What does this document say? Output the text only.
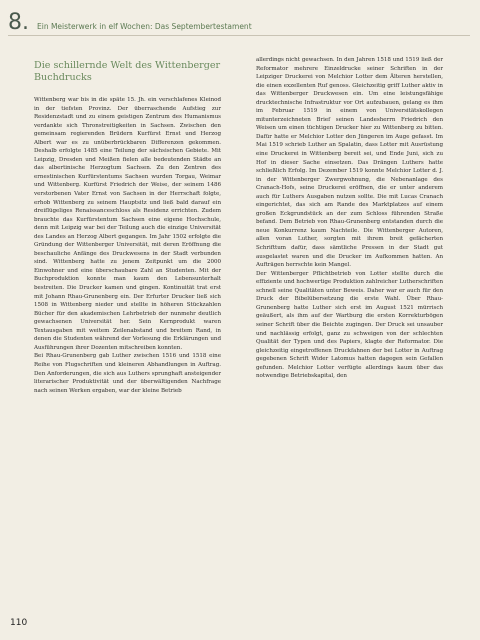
8. Ein Meisterwerk in elf Wochen: Das Septembertestament
Die schillernde Welt des Wittenberger
Buchdrucks

Wittenberg war bis in die späte 15. Jh. ein verschlafenes Kleinod in der tiefsten Provinz. Der überraschende Aufstieg zur Residenzstadt und zu einem geistigen Zentrum des Humanismus verdankte sich Thronstreitigkeiten in Sachsen. Zwischen den gemeinsam regierenden Brüdern Kurfürst Ernst und Herzog Albert war es zu unüberbrückbaren Differenzen gekommen. Deshalb erfolgte 1485 eine Teilung der sächsischen Gebiete. Mit Leipzig, Dresden und Meißen fielen alle bedeutenden Städte an das albertinische Herzogtum Sachsen. Zu den Zentren des ernestinischen Kurfürstentums Sachsen wurden Torgau, Weimar und Wittenberg. Kurfürst Friedrich der Weise, der seinem 1486 verstorbenen Vater Ernst von Sachsen in der Herrschaft folgte, erhob Wittenberg zu seinem Hauptsitz und ließ bald darauf ein dreiflügeliges Renaissanceschloss als Residenz errichten. Zudem brauchte das Kurfürstentum Sachsen eine eigene Hochschule, denn mit Leipzig war bei der Teilung auch die einzige Universität des Landes an Herzog Albert gegangen. Im Jahr 1502 erfolgte die Gründung der Wittenberger Universität, mit deren Eröffnung die beschauliche Anfänge des Druckwesens in der Stadt verbunden sind. Wittenberg hatte zu jenem Zeitpunkt um die 2000 Einwohner und eine überschaubare Zahl an Studenten. Mit der Buchproduktion konnte man kaum den Lebensunterhalt bestreiten. Die Drucker kamen und gingen. Kontinuität trat erst mit Johann Rhau-Grunenberg ein. Der Erfurter Drucker ließ sich 1508 in Wittenberg nieder und stellte in höheren Stückzahlen Bücher für den akademischen Lehrbetrieb der nunmehr deutlich gewachsenen Universität her. Sein Kernprodukt waren Textausgaben mit weitem Zeilenabstand und breitem Rand, in denen die Studenten während der Vorlesung die Erklärungen und Ausführungen ihrer Dozenten mitschreiben konnten.

Bei Rhau-Grunenberg gab Luther zwischen 1516 und 1518 eine Reihe von Flugschriften und kleineren Abhandlungen in Auftrag. Den Anforderungen, die sich aus Luthers sprunghaft ansteigender literarischer Produktivität und der überwältigenden Nachfrage nach seinen Werken ergaben, war der kleine Betrieb

allerdings nicht gewachsen. In den Jahren 1518 und 1519 ließ der Reformator mehrere Einzeldrucke seiner Schriften in der Leipziger Druckerei von Melchior Lotter dem Älteren herstellen, die einen exzellenten Ruf genoss. Gleichzeitig griff Luther aktiv in das Wittenberger Druckwesen ein. Um eine leistungsfähige drucktechnische Infrastruktur vor Ort aufzubauen, gelang es ihm im Februar 1519 in einem von Universitätskollegen mitunterzeichneten Brief seinen Landesherrn Friedrich den Weisen um einen tüchtigen Drucker hier zu Wittenberg zu bitten. Dafür hatte er Melchior Lotter den Jüngeren im Auge gefasst. Im Mai 1519 schrieb Luther an Spalatin, dass Lotter mit Ausrüstung eine Druckerei in Wittenberg bereit sei, und Ende Juni, sich zu Hof in dieser Sache einsetzen. Das Drängen Luthers hatte schließlich Erfolg. Im Dezember 1519 konnte Melchior Lotter d. J. in der Wittenberger Zwergwohnung, die Nebenanlage des Cranach-Hofs, seine Druckerei eröffnen, die er unter anderem auch für Luthers Ausgaben nutzen sollte. Die mit Lucas Cranach eingerichtet, das sich am Rande des Marktplatzes auf einem großen Eckgrundstück an der zum Schloss führenden Straße befand. Dem Betrieb von Rhau-Grunenberg entstanden durch die neue Konkurrenz kaum Nachteile. Die Wittenberger Autoren, allen voran Luther, sorgten mit ihrem breit gefächerten Schrifttum dafür, dass sämtliche Pressen in der Stadt gut ausgelastet waren und die Drucker im Aufkommen hatten. An Aufträgen herrschte kein Mangel.

Der Wittenberger Pflichtbetrieb von Lotter stellte durch die effiziente und hochwertige Produktion zahlreicher Lutherschriften schnell seine Qualitäten unter Beweis. Daher war er auch für den Druck der Bibelübersetzung die erste Wahl. Über Rhau-Grunenberg hatte Luther sich erst im August 1521 mürrisch geäußert, als ihm auf der Wartburg die ersten Korrekturbögen seiner Schrift über die Beichte zugingen. Der Druck sei unsauber und nachlässig erfolgt, ganz zu schweigen von der schlechten Qualität der Typen und des Papiers, klagte der Reformator. Die gleichzeitig eingetroffenen Druckfahnen der bei Lotter in Auftrag gegebenen Schrift Wider Latomus hatten dagegen sein Gefallen gefunden. Melchior Lotter verfügte allerdings kaum über das notwendige Betriebskapital, den

110
